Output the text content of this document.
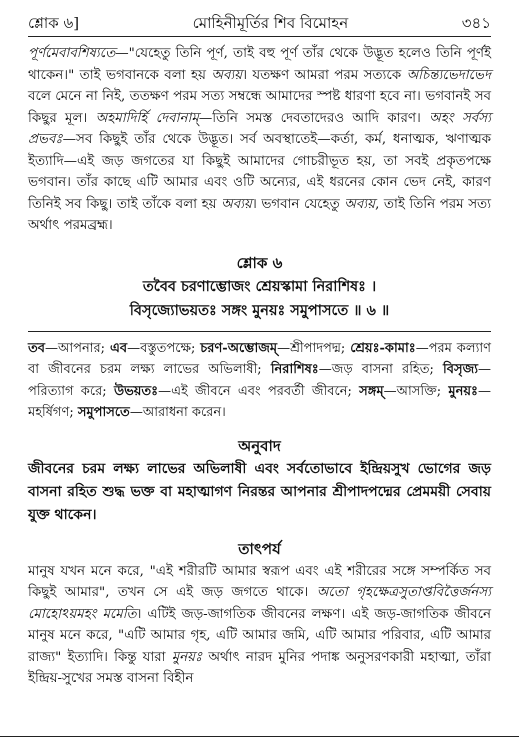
শ্লোক ৬]	মোহিনীমূর্তির শিব বিমোহন	৩৪১

পূর্ণমেবাবশিষ্যতে—"যেহেতু তিনি পূর্ণ, তাই বহু পূর্ণ তাঁর থেকে উদ্ভূত হলেও তিনি পূর্ণই থাকেন।" তাই ভগবানকে বলা হয় অব্যয়। যতক্ষণ আমরা পরম সত্যকে অচিন্ত্যভেদাভেদ বলে মেনে না নিই, ততক্ষণ পরম সত্য সম্বন্ধে আমাদের স্পষ্ট ধারণা হবে না। ভগবানই সব কিছুর মূল। অহমাদির্হি দেবানাম্—তিনি সমস্ত দেবতাদেরও আদি কারণ। অহং সর্বস্য প্রভবঃ—সব কিছুই তাঁর থেকে উদ্ভূত। সর্ব অবস্থাতেই—কর্তা, কর্ম, ধনাত্মক, ঋণাত্মক ইত্যাদি—এই জড় জগতের যা কিছুই আমাদের গোচরীভূত হয়, তা সবই প্রকৃতপক্ষে ভগবান। তাঁর কাছে এটি আমার এবং ওটি অন্যের, এই ধরনের কোন ভেদ নেই, কারণ তিনিই সব কিছু। তাই তাঁকে বলা হয় অব্যয়। ভগবান যেহেতু অব্যয়, তাই তিনি পরম সত্য অর্থাৎ পরমব্রহ্ম।

শ্লোক ৬

তবৈব চরণাম্ভোজং শ্রেয়স্কামা নিরাশিষঃ ।

বিসৃজ্যোভয়তঃ সঙ্গং মুনয়ঃ সমুপাসতে ॥ ৬ ॥

তব—আপনার; এব—বস্তুতপক্ষে; চরণ-অম্ভোজম্—শ্রীপাদপদ্ম; শ্রেয়ঃ-কামাঃ—পরম কল্যাণ বা জীবনের চরম লক্ষ্য লাভের অভিলাষী; নিরাশিষঃ—জড় বাসনা রহিত; বিসৃজ্য—পরিত্যাগ করে; উভয়তঃ—এই জীবনে এবং পরবর্তী জীবনে; সঙ্গম্—আসক্তি; মুনয়ঃ—মহর্ষিগণ; সমুপাসতে—আরাধনা করেন।

অনুবাদ

জীবনের চরম লক্ষ্য লাভের অভিলাষী এবং সর্বতোভাবে ইন্দ্রিয়সুখ ভোগের জড় বাসনা রহিত শুদ্ধ ভক্ত বা মহাত্মাগণ নিরন্তর আপনার শ্রীপাদপদ্মের প্রেমময়ী সেবায় যুক্ত থাকেন।

তাৎপর্য

মানুষ যখন মনে করে, "এই শরীরটি আমার স্বরূপ এবং এই শরীরের সঙ্গে সম্পর্কিত সব কিছুই আমার", তখন সে এই জড় জগতে থাকে। অতো গৃহক্ষেত্রসুতাপ্তবিত্তৈর্জনস্য মোহোঽয়মহং মমেতি। এটিই জড়-জাগতিক জীবনের লক্ষণ। এই জড়-জাগতিক জীবনে মানুষ মনে করে, "এটি আমার গৃহ, এটি আমার জমি, এটি আমার পরিবার, এটি আমার রাজ্য" ইত্যাদি। কিন্তু যারা মুনয়ঃ অর্থাৎ নারদ মুনির পদাঙ্ক অনুসরণকারী মহাত্মা, তাঁরা ইন্দ্রিয়-সুখের সমস্ত বাসনা বিহীন
